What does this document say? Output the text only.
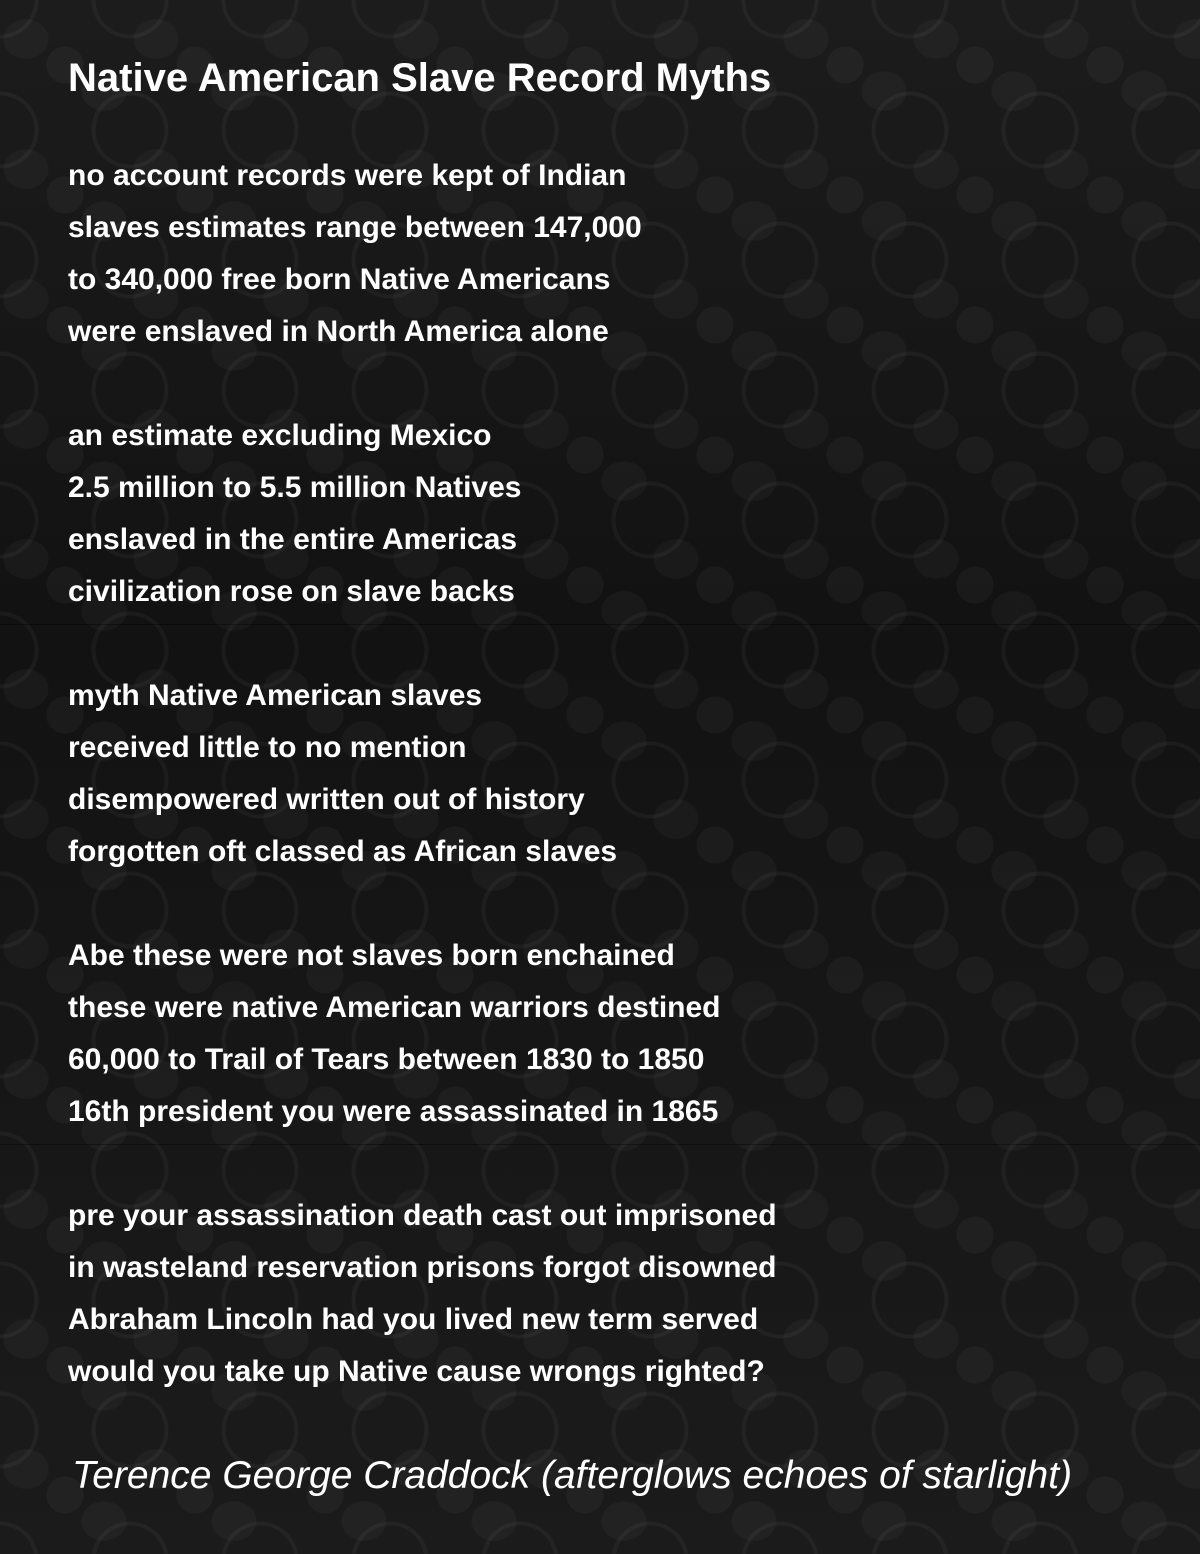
Native American Slave Record Myths
no account records were kept of Indian
slaves estimates range between 147,000
to 340,000 free born Native Americans
were enslaved in North America alone
an estimate excluding Mexico
2.5 million to 5.5 million Natives
enslaved in the entire Americas
civilization rose on slave backs
myth Native American slaves
received little to no mention
disempowered written out of history
forgotten oft classed as African slaves
Abe these were not slaves born enchained
these were native American warriors destined
60,000 to Trail of Tears between 1830 to 1850
16th president you were assassinated in 1865
pre your assassination death cast out imprisoned
in wasteland reservation prisons forgot disowned
Abraham Lincoln had you lived new term served
would you take up Native cause wrongs righted?
Terence George Craddock (afterglows echoes of starlight)
